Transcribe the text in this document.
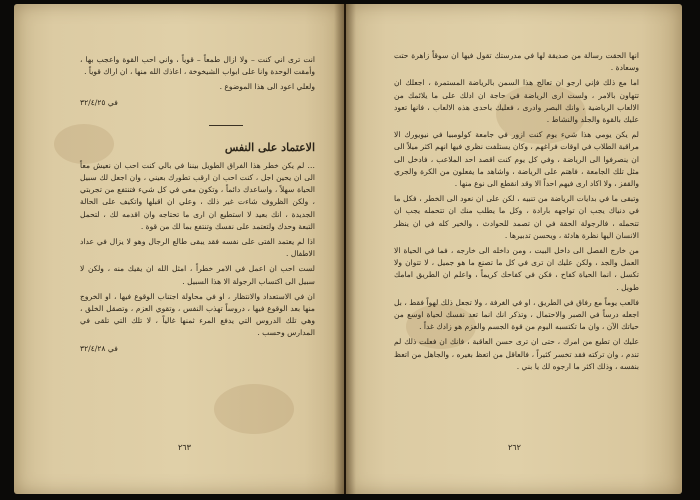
انت ترى اني كنت – ولا ازال طمعاً – قوياً ، واني احب القوة واعجب بها ، وأمقت الوحدة وانا على ابواب الشيخوخة ، اعاذك الله منها ، ان اراك قوياً .

ولعلي اعود الى هذا الموضوع .

في ٣٢/٤/٢٥
الاعتماد على النفس

… لم يكن خطر هذا الفراق الطويل بيننا في بالي كنت احب ان نعيش معاً الى ان يحين اجل ، كنت احب ان ارقب تطورك بعيني ، وان اجعل لك سبيل الحياة سهلاً ، واساعدك دائماً ، وتكون معي في كل شيء فتنتفع من تجربتي ، ولكن الظروف شاءت غير ذلك ، وعلي ان اقبلها واتكيف على الحالة الجديدة ، انك بعيد لا استطيع ان ارى ما تحتاجه وان اقدمه لك ، لتحمل التبعة وحدك ولتعتمد على نفسك وتنتفع بما لك من قوة .

اذا لم يعتمد الفتى على نفسه فقد يبقى طالع الرجال وهو لا يزال في عداد الاطفال .

لست احب ان اعمل في الامر خطراً ، امثل الله ان يقيك منه ، ولكن لا سبيل الى اكتساب الرجولة الا هذا السبيل .

ان في الاستعداد والانتظار ، او في محاولة اجتناب الوقوع فيها ، او الخروج منها بعد الوقوع فيها ، دروساً تهذب النفس ، وتقوي العزم ، وتصقل الخلق ، وهي تلك الدروس التي يدفع المرء ثمنها غالياً ، لا تلك التي تلقى في المدارس وحسب .

في ٣٢/٤/٢٨
٢٦٣

انها الحقت رسالة من صديقة لها في مدرستك تقول فيها ان سوقاً زاهرة حتت وسعادة .

اما مع ذلك فإني ارجو ان تعالج هذا السمن بالرياضة المستمرة ، اجعلك ان تتهاون بالامر ، ولست ارى الرياضة في حاجة ان ادلك على ما يلائمك من الالعاب الرياضية ، وانك البصر وادرى ، فعليك باحدى هذه الالعاب ، فانها تعود عليك بالقوة والجلد والنشاط .

لم يكن يومي هذا شيء يوم كنت ازور في جامعة كولومبيا في نيويورك الا مراقبة الطلاب في اوقات فراغهم ، وكان يستلفت نظري فيها انهم اكثر ميلاً الى ان ينصرفوا الى الرياضة ، وفي كل يوم كنت اقصد احد الملاعب ، فادخل الى مثل تلك الجامعة ، فاهتم على الرياضة ، واشاهد ما يفعلون من الكرة والجري والقفز ، ولا اكاد ارى فيهم احداً الا وقد انقطع الى نوع منها .

وتبقى ما في بدايات الرياضة من تنبيه ، لكن على ان نعود الى الخطر ، فكل ما في دنياك يجب ان تواجهه بارادة ، وكل ما يطلب منك ان تتحمله يجب ان تتحمله ، فالرجولة الحقة في ان تصمد للحوادث ، والخير كله في ان ينظر الانسان اليها نظرة هادئة ، ويحسن تدبيرها .

من خارج الفصل الى داخل البيت ، ومن داخله الى خارجه ، فما في الحياة الا العمل والجد ، ولكن عليك ان ترى في كل ما تصنع ما هو جميل ، لا تتوان ولا تكسل ، انما الحياة كفاح ، فكن في كفاحك كريماً ، واعلم ان الطريق امامك طويل .

فالعب يوماً مع رفاق في الطريق ، او في الغرفة ، ولا تجعل ذلك لهواً فقط ، بل اجعله درساً في الصبر والاحتمال ، وتذكر انك انما تعد نفسك لحياة اوسع من حياتك الآن ، وان ما تكتسبه اليوم من قوة الجسم والعزم هو زادك غداً .

عليك ان تطيع من امرك ، حتى ان ترى حسن العاقبة ، فانك ان فعلت ذلك لم تندم ، وان تركته فقد تخسر كثيراً ، فالعاقل من اتعظ بغيره ، والجاهل من اتعظ بنفسه ، وذلك اكثر ما ارجوه لك يا بني .

٢٦٢
